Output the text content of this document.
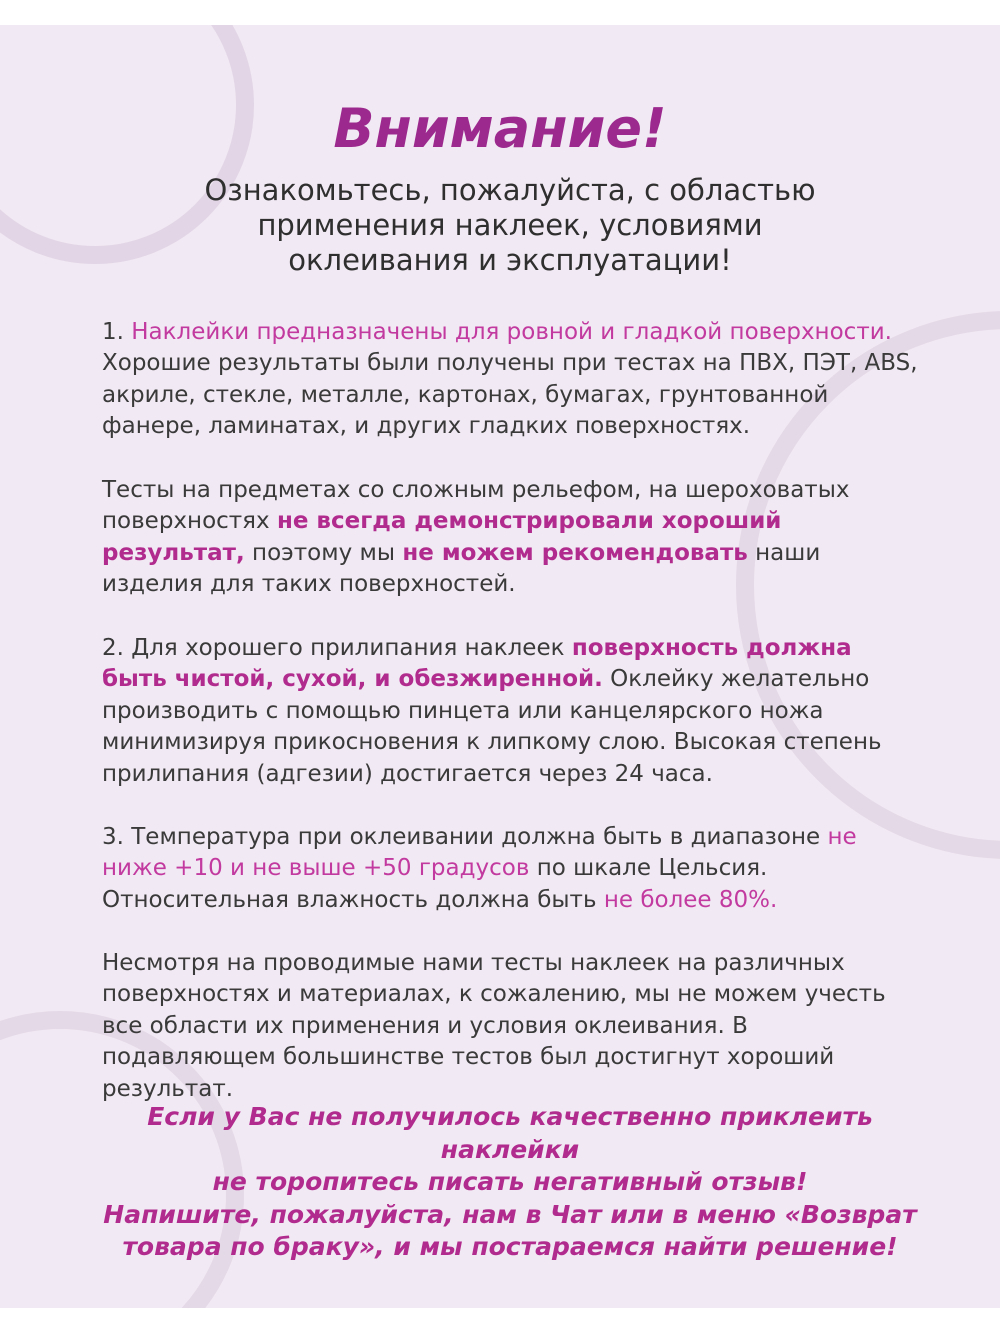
Внимание!
Ознакомьтесь, пожалуйста, с областью
применения наклеек, условиями
оклеивания и эксплуатации!
1. Наклейки предназначены для ровной и гладкой поверхности. Хорошие результаты были получены при тестах на ПВХ, ПЭТ, ABS, акриле, стекле, металле, картонах, бумагах, грунтованной фанере, ламинатах, и других гладких поверхностях.
Тесты на предметах со сложным рельефом, на шероховатых поверхностях не всегда демонстрировали хороший результат, поэтому мы не можем рекомендовать наши изделия для таких поверхностей.
2. Для хорошего прилипания наклеек поверхность должна быть чистой, сухой, и обезжиренной. Оклейку желательно производить с помощью пинцета или канцелярского ножа минимизируя прикосновения к липкому слою. Высокая степень прилипания (адгезии) достигается через 24 часа.
3. Температура при оклеивании должна быть в диапазоне не ниже +10 и не выше +50 градусов по шкале Цельсия. Относительная влажность должна быть не более 80%.
Несмотря на проводимые нами тесты наклеек на различных поверхностях и материалах, к сожалению, мы не можем учесть все области их применения и условия оклеивания. В подавляющем большинстве тестов был достигнут хороший результат.
Если у Вас не получилось качественно приклеить наклейки
не торопитесь писать негативный отзыв!
Напишите, пожалуйста, нам в Чат или в меню «Возврат
товара по браку», и мы постараемся найти решение!
